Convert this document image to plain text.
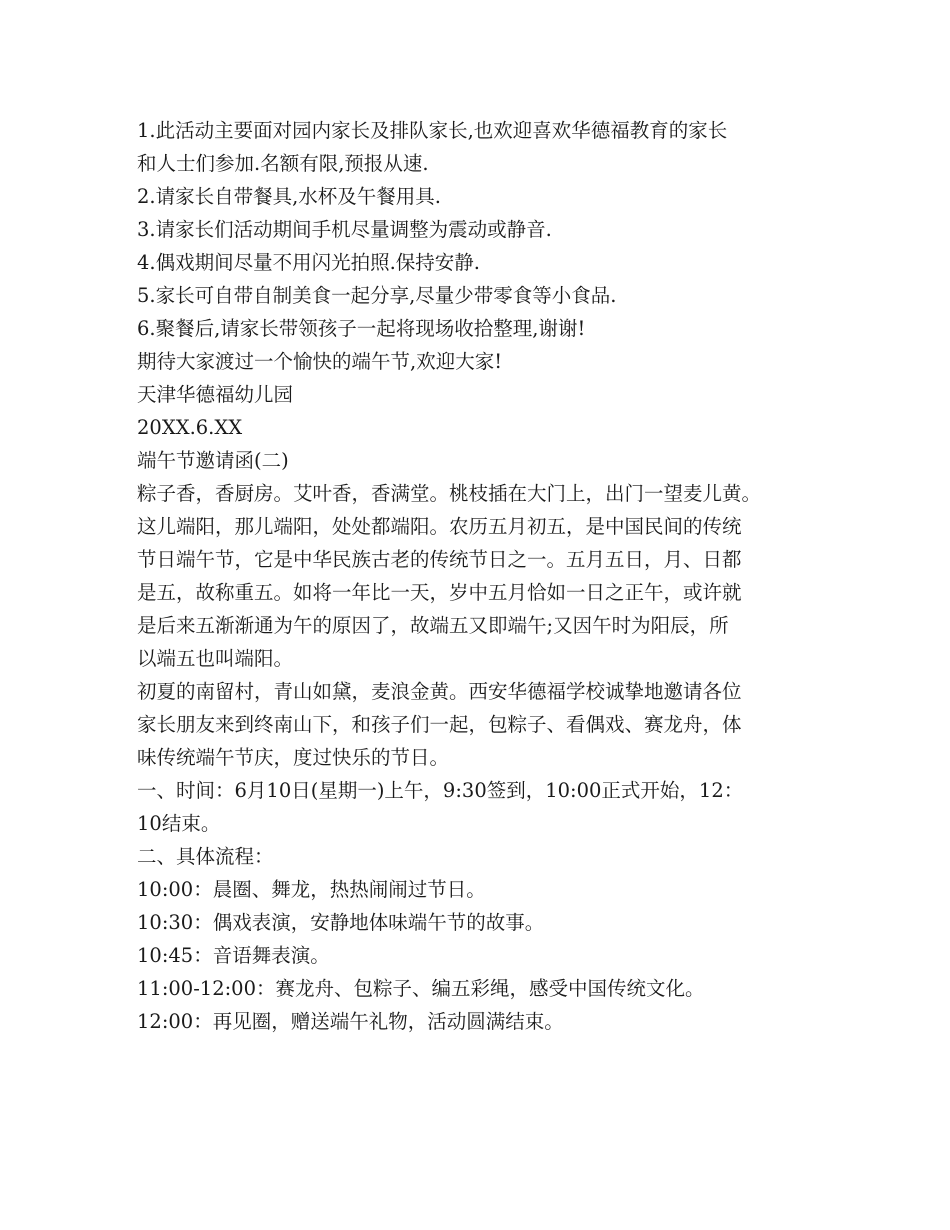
1.此活动主要面对园内家长及排队家长,也欢迎喜欢华德福教育的家长

和人士们参加.名额有限,预报从速.

2.请家长自带餐具,水杯及午餐用具.

3.请家长们活动期间手机尽量调整为震动或静音.

4.偶戏期间尽量不用闪光拍照.保持安静.

5.家长可自带自制美食一起分享,尽量少带零食等小食品.

6.聚餐后,请家长带领孩子一起将现场收拾整理,谢谢!

期待大家渡过一个愉快的端午节,欢迎大家!

天津华德福幼儿园

20XX.6.XX

端午节邀请函(二)

粽子香，香厨房。艾叶香，香满堂。桃枝插在大门上，出门一望麦儿黄。

这儿端阳，那儿端阳，处处都端阳。农历五月初五，是中国民间的传统

节日端午节，它是中华民族古老的传统节日之一。五月五日，月、日都

是五，故称重五。如将一年比一天，岁中五月恰如一日之正午，或许就

是后来五渐渐通为午的原因了，故端五又即端午;又因午时为阳辰，所

以端五也叫端阳。

初夏的南留村，青山如黛，麦浪金黄。西安华德福学校诚挚地邀请各位

家长朋友来到终南山下，和孩子们一起，包粽子、看偶戏、赛龙舟，体

味传统端午节庆，度过快乐的节日。

一、时间：6月10日(星期一)上午，9:30签到，10:00正式开始，12：

10结束。

二、具体流程：

10:00：晨圈、舞龙，热热闹闹过节日。

10:30：偶戏表演，安静地体味端午节的故事。

10:45：音语舞表演。

11:00-12:00：赛龙舟、包粽子、编五彩绳，感受中国传统文化。

12:00：再见圈，赠送端午礼物，活动圆满结束。
